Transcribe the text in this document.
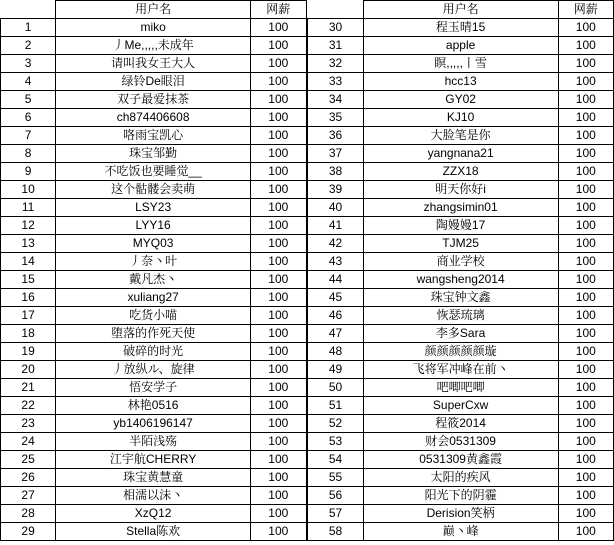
	用户名	网薪
1	miko	100
2	丿Me,,,,,未成年	100
3	请叫我女王大人	100
4	绿铃De眼泪	100
5	双子最爱抹茶	100
6	ch874406608	100
7	咯雨宝凯心	100
8	珠宝邹勤	100
9	不吃饭也要睡觉__	100
10	这个骷髅会卖萌	100
11	LSY23	100
12	LYY16	100
13	MYQ03	100
14	丿奈丶叶	100
15	戴凡杰丶	100
16	xuliang27	100
17	吃货小喵	100
18	堕落的作死天使	100
19	破碎的时光	100
20	丿放纵ル、旋律	100
21	悟安学子	100
22	林艳0516	100
23	yb1406196147	100
24	半陌浅殇	100
25	江宇航CHERRY	100
26	珠宝黄慧童	100
27	相濡以沫丶	100
28	XzQ12	100
29	Stella陈欢	100
	用户名	网薪
30	程玉晴15	100
31	apple	100
32	瞑,,,,,丨雪	100
33	hcc13	100
34	GY02	100
35	KJ10	100
36	大脸笔是你	100
37	yangnana21	100
38	ZZX18	100
39	明天你好i	100
40	zhangsimin01	100
41	陶嫚嫚17	100
42	TJM25	100
43	商业学校	100
44	wangsheng2014	100
45	珠宝钟文鑫	100
46	恢瑟琉璃	100
47	李多Sara	100
48	颜颜颜颜颜璇	100
49	飞将军冲峰在前丶	100
50	吧唧吧唧	100
51	SuperCxw	100
52	程筱2014	100
53	财会0531309	100
54	0531309黄鑫霞	100
55	太阳的疾风	100
56	阳光下的阴霾	100
57	Derision笑柄	100
58	巅丶峰	100
